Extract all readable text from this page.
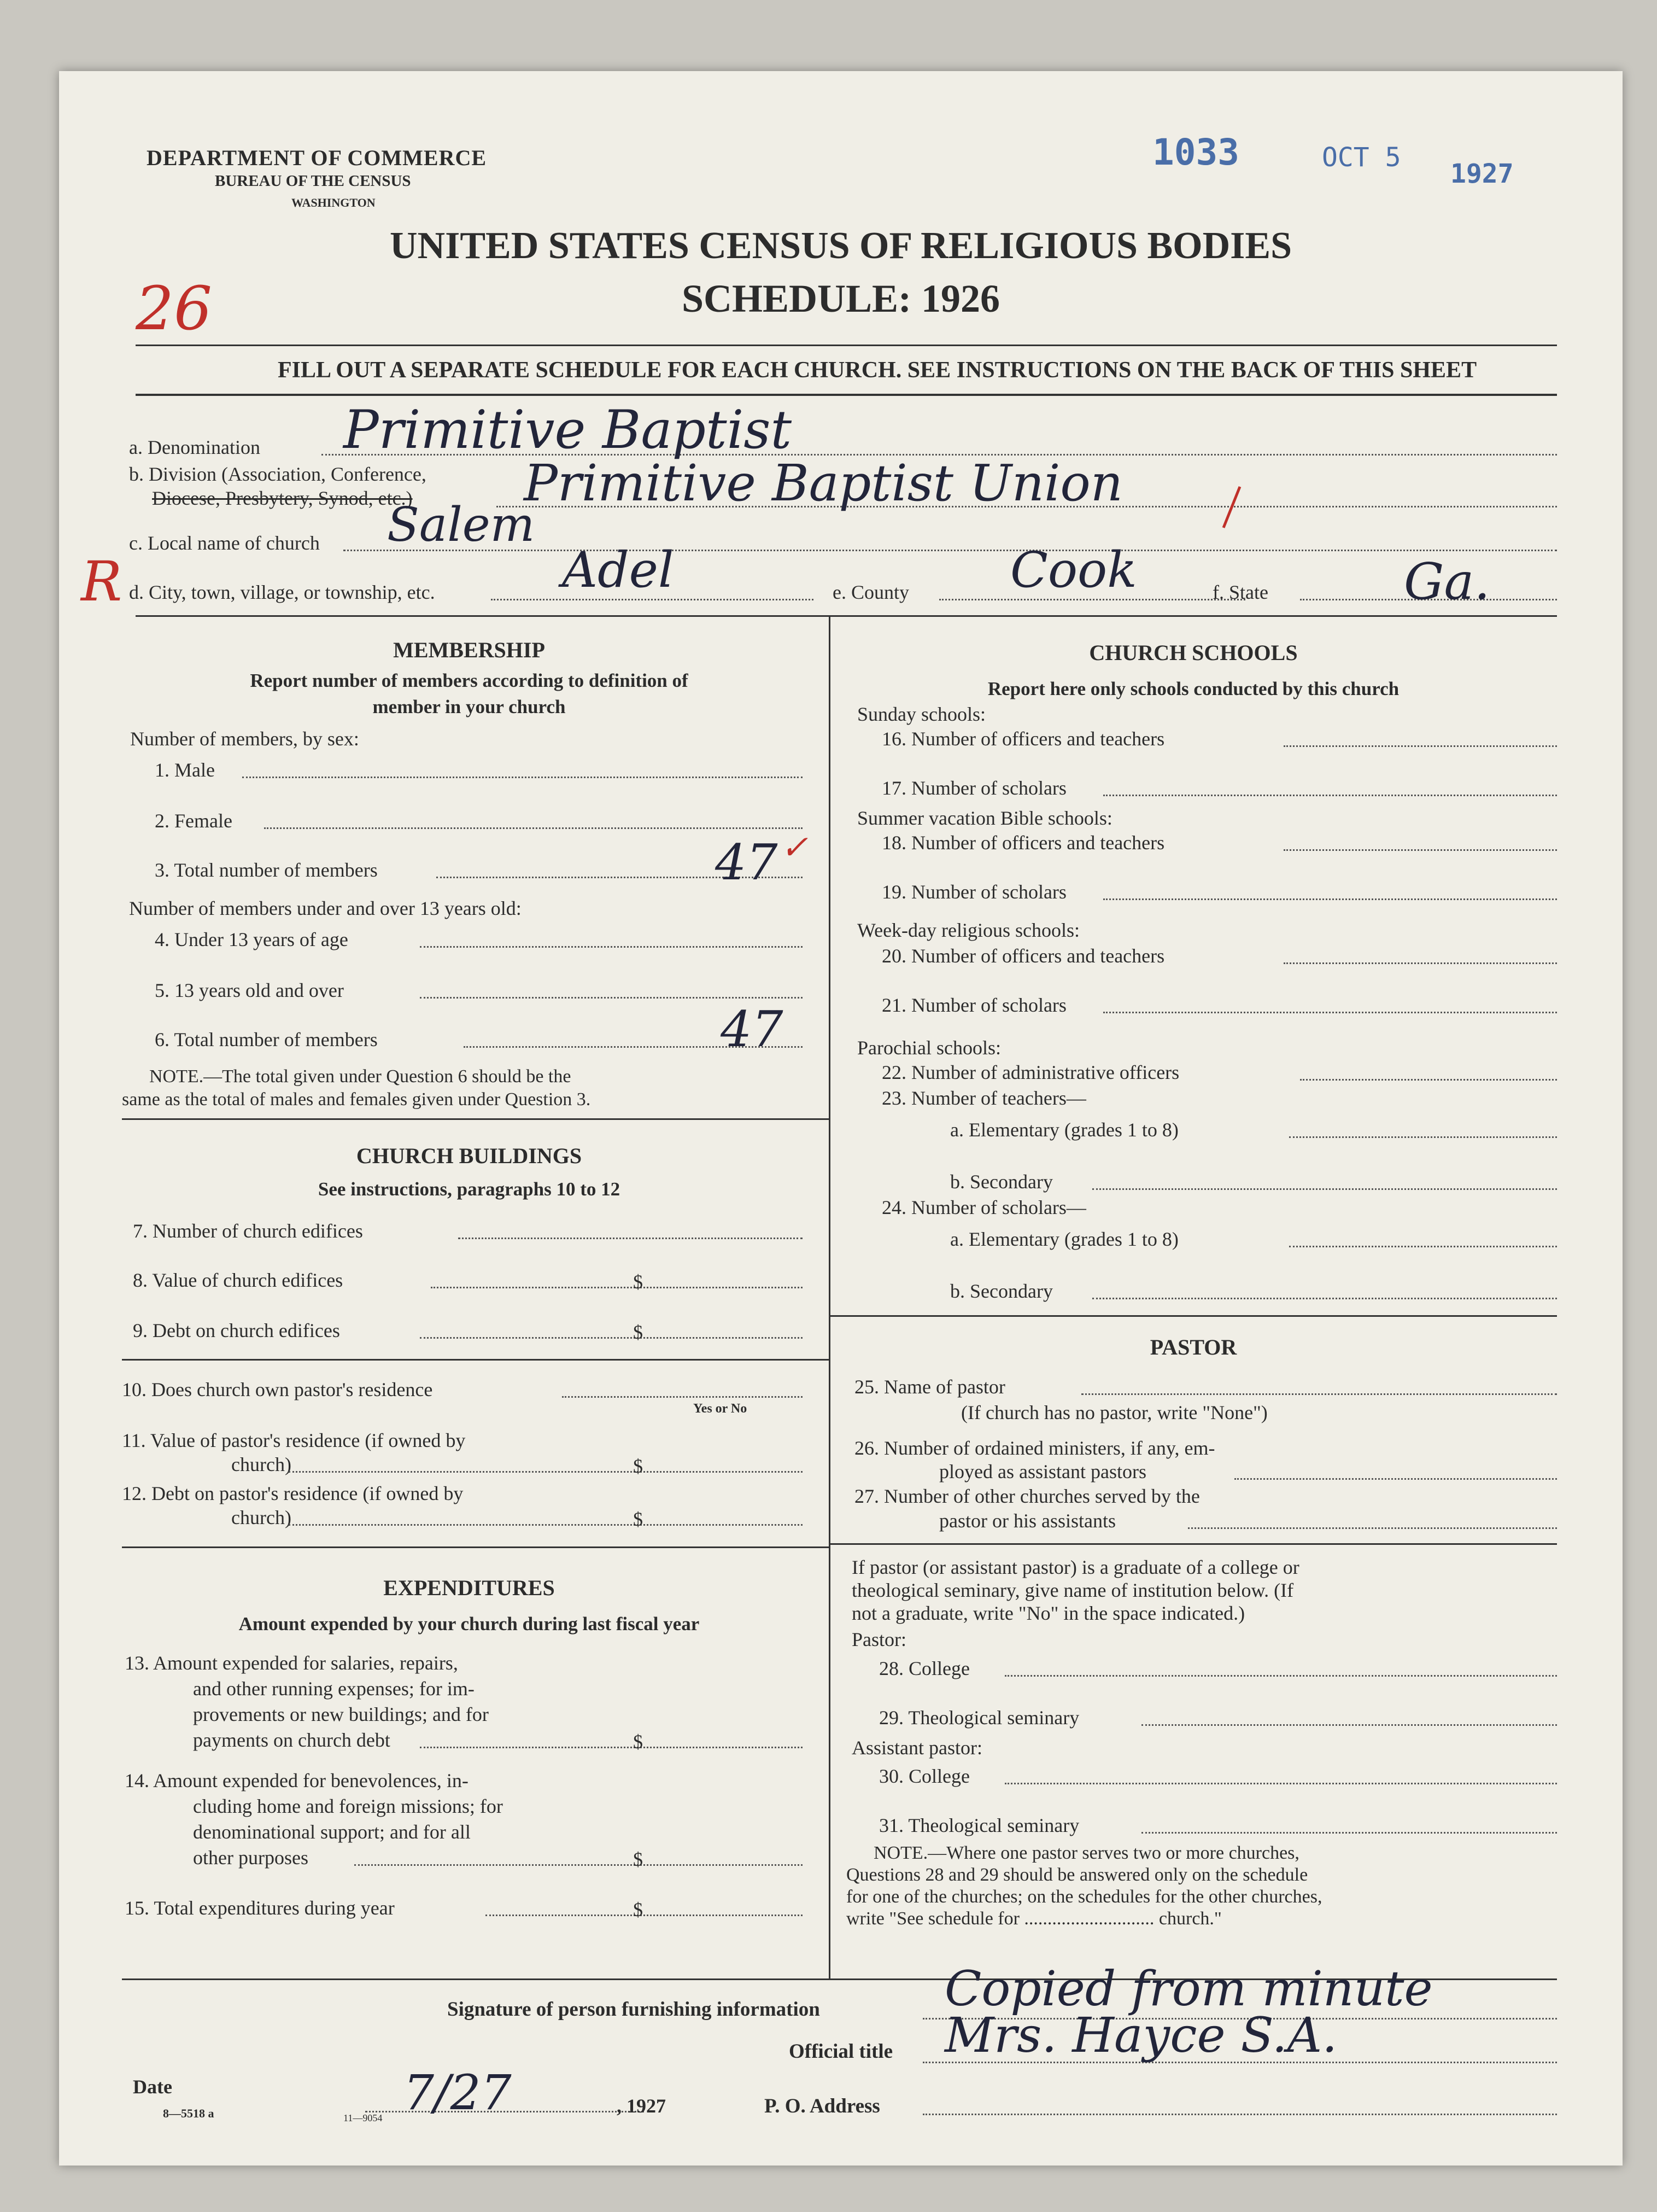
DEPARTMENT OF COMMERCE
BUREAU OF THE CENSUS
WASHINGTON
1033	OCT 5
1927
UNITED STATES CENSUS OF RELIGIOUS BODIES
SCHEDULE: 1926
26
FILL OUT A SEPARATE SCHEDULE FOR EACH CHURCH. SEE INSTRUCTIONS ON THE BACK OF THIS SHEET
a. Denomination Primitive Baptist
b. Division (Association, Conference,
Diocese, Presbytery, Synod, etc.) Primitive Baptist Union
c. Local name of church Salem
R d. City, town, village, or township, etc.	Adel	e. County Cook	f. State	Ga.
MEMBERSHIP
Report number of members according to definition of
member in your church
Number of members, by sex:
1. Male
2. Female
3. Total number of members	47 ✓
Number of members under and over 13 years old:
4. Under 13 years of age
5. 13 years old and over
6. Total number of members	47
NOTE.—The total given under Question 6 should be the
same as the total of males and females given under Question 3.
CHURCH BUILDINGS
See instructions, paragraphs 10 to 12
7. Number of church edifices
8. Value of church edifices	$
9. Debt on church edifices	$
10. Does church own pastor's residence
Yes or No
11. Value of pastor's residence (if owned by
church)	$
12. Debt on pastor's residence (if owned by
church)	$
EXPENDITURES
Amount expended by your church during last fiscal year
13. Amount expended for salaries, repairs,
and other running expenses; for im-
provements or new buildings; and for
payments on church debt	$
14. Amount expended for benevolences, in-
cluding home and foreign missions; for
denominational support; and for all
other purposes	$
15. Total expenditures during year	$
CHURCH SCHOOLS
Report here only schools conducted by this church
Sunday schools:
16. Number of officers and teachers
17. Number of scholars
Summer vacation Bible schools:
18. Number of officers and teachers
19. Number of scholars
Week-day religious schools:
20. Number of officers and teachers
21. Number of scholars
Parochial schools:
22. Number of administrative officers
23. Number of teachers—
a. Elementary (grades 1 to 8)
b. Secondary
24. Number of scholars—
a. Elementary (grades 1 to 8)
b. Secondary
PASTOR
25. Name of pastor
(If church has no pastor, write "None")
26. Number of ordained ministers, if any, em-
ployed as assistant pastors
27. Number of other churches served by the
pastor or his assistants
If pastor (or assistant pastor) is a graduate of a college or
theological seminary, give name of institution below. (If
not a graduate, write "No" in the space indicated.)
Pastor:
28. College
29. Theological seminary
Assistant pastor:
30. College
31. Theological seminary
NOTE.—Where one pastor serves two or more churches,
Questions 28 and 29 should be answered only on the schedule
for one of the churches; on the schedules for the other churches,
write "See schedule for ............................ church."
Signature of person furnishing information	Copied from minute
Official title Mrs. Hayce S.A.
Date	7/27	, 1927	P. O. Address
8—5518 a	11—9054
